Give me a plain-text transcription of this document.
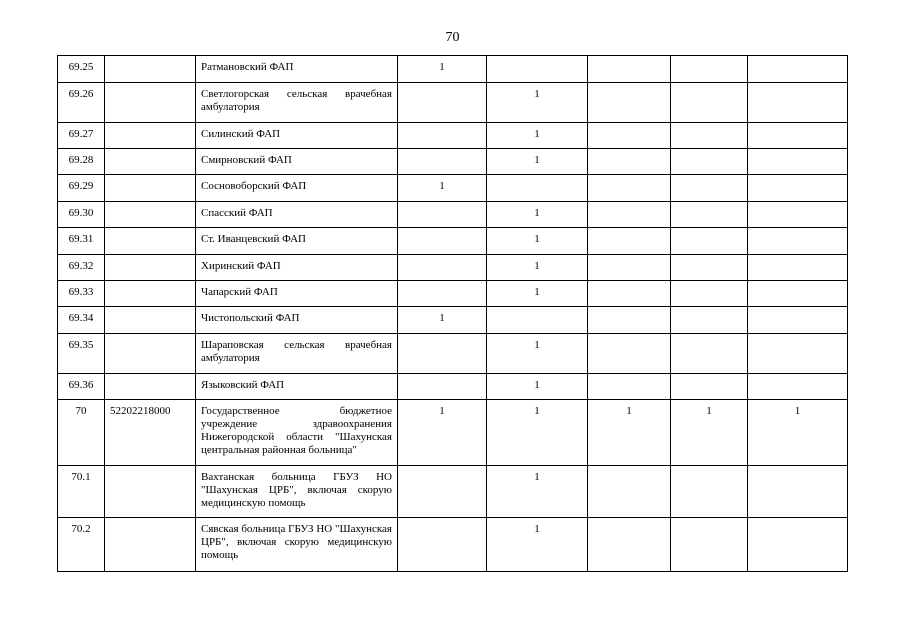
70
69.25		Ратмановский ФАП	1				
69.26		Светлогорская сельская врачебная амбулатория		1			
69.27		Силинский ФАП		1			
69.28		Смирновский ФАП		1			
69.29		Сосновоборский ФАП	1				
69.30		Спасский ФАП		1			
69.31		Ст. Иванцевский ФАП		1			
69.32		Хиринский ФАП		1			
69.33		Чапарский ФАП		1			
69.34		Чистопольский ФАП	1				
69.35		Шараповская сельская врачебная амбулатория		1			
69.36		Языковский ФАП		1			
70	52202218000	Государственное бюджетное учреждение здравоохранения Нижегородской области "Шахунская центральная районная больница"	1	1	1	1	1
70.1		Вахтанская больница ГБУЗ НО "Шахунская ЦРБ", включая скорую медицинскую помощь		1			
70.2		Сявская больница ГБУЗ НО "Шахунская ЦРБ", включая скорую медицинскую помощь		1			
